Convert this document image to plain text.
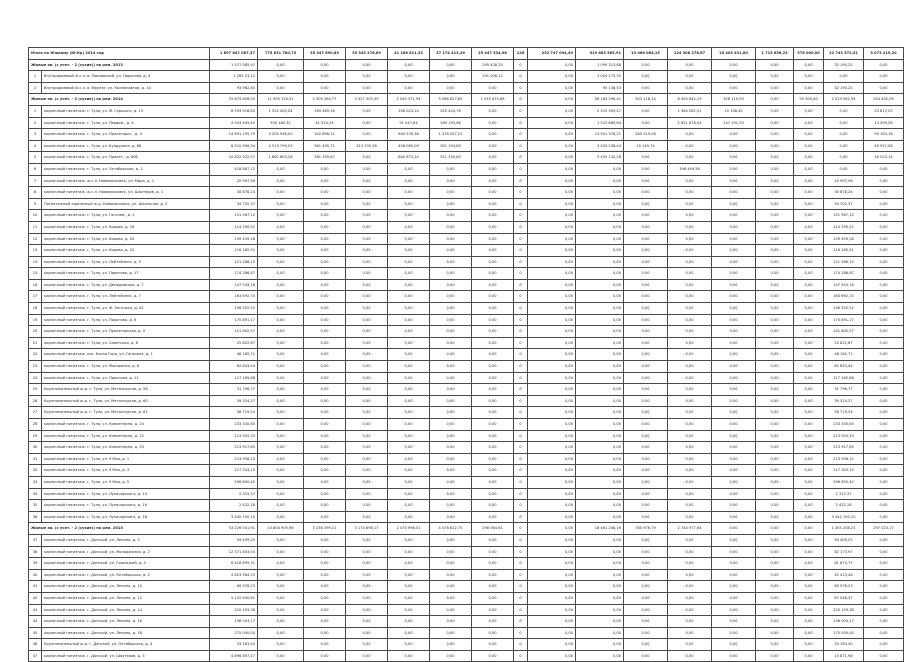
Итого по Южному (Ю-Кр) 2014 год		1 897 647 087,57	775 831 780,75	35 347 690,83	35 343 276,89	41 188 811,33	37 174 413,26	25 447 534,98	126	232 747 094,49	519 863 565,91	13 066 064,15	124 308 276,67	15 403 431,80	1 713 656,22	376 000,00	22 743 572,51	5 073 219,20
Жилые кв. (с учет. - 2 (сухие)) на рем. 2013		1 577 085,97	0,00	0,00	0,00	0,00	0,00	295 428,35	0	0,00	1 099 313,88	0,00	0,00	0,00	0,00	0,00	32 190,25	0,00
1	Внутридомовой ж.с.л. в. Павловский, ул. Пирогова, д. 4	1 283 23,12	0,00	0,00	0,00	0,00	0,00	291 006,12	0	0,00	1 004 175,35	0,00	0,00	0,00	0,00	0,00	0,00	0,00
2	Внутридомовой ж.с.л. в. Фрунзе, ул. Космонавтов, д. 14	93 962,85	0,00	0,00	0,00	0,00	0,00	0,00	0	0,00	95 138,53	0,00	0,00	0,00	0,00	0,00	32 190,25	0,00
Жилые кв. (с учет. - 2 (сухие)) на рем. 2014		25 874 808,00	11 095 120,51	2 509 364,77	3 327 305,39	2 540 371,94	5 566 827,85	1 053 475,88	0	0,00	26 183 296,41	303 118,14	8 450 642,19	328 110,93	0,00	95 300,00	2 419 582,54	204 432,05
1	кирпичный пятиэтаж. г. Тула, ул. М. Горького, д. 15	6 593 918,83	1 524 400,24	189 489,16	0,00	258 023,24	520 424,76	0,00	0	0,00	2 510 309,47	0,00	1 364 281,51	10 138,42	0,00	0,00	0,00	23 817,25
2	кирпичный пятиэтаж. г. Тула, ул. Первом., д. 4	4 943 409,45	935 180,32	41 324,24	0,00	91 047,84	289 193,66	0,00	0	0,00	1 522 869,64	0,00	2 621 878,04	147 191,53	0,00	0,00	0,00	13 399,28
3	кирпичный пятиэтаж. г. Тула, ул. Пролетарск., д. 4	14 691 195,70	3 204 946,02	342 898,11	0,00	640 576,38	1 378 427,21	0,00	0	0,00	13 941 378,21	285 519,08	0,00	0,00	0,00	0,00	0,00	99 163,18
4	кирпичный пятиэтаж. г. Тула, ул. Бундурина, д. 86	6 510 906,94	4 513 799,03	561 490,71	313 705,58	456 085,09	301 194,89	0,00	0	0,00	3 433 138,44	15 149,74	0,00	0,00	0,00	0,00	0,00	49 957,08
5	кирпичный пятиэтаж. г. Тула, ул. Пролет., д. 80б	10 822 922,57	1 862 803,28	261 339,67	0,00	840 873,24	511 150,80	0,00	0	0,00	5 455 132,28	0,00	0,00	0,00	0,00	0,00	0,00	16 023,14
6	кирпичный пятиэтаж. г. Тула, ул. Октябрьская, д. 1	418 887,12	0,00	0,00	0,00	0,00	0,00	0,00	0	0,00	0,00	0,00	398 449,58	0,00	0,00	0,00	0,00	0,00
7	кирпичный пятиэтаж. ж.с.л. Новомосковск, ул. Мира, д. 1	20 997,56	0,00	0,00	0,00	0,00	0,00	0,00	0	0,00	0,00	0,00	0,00	0,00	0,00	0,00	20 997,56	0,00
8	кирпичный пятиэтаж. ж.с.л. Новомосковск, ул. Шахтеров, д. 1	30 878,24	0,00	0,00	0,00	0,00	0,00	0,00	0	0,00	0,00	0,00	0,00	0,00	0,00	0,00	30 878,24	0,00
9	Пятиэтажный кирпичный ж.д. Новомосковск, ул. Школьная, д. 2	34 702,37	0,00	0,00	0,00	0,00	0,00	0,00	0	0,00	0,00	0,00	0,00	0,00	0,00	0,00	34 702,37	0,00
10	кирпичный пятиэтаж. г. Тула, ул. Гоголев., д. 1	151 567,12	0,00	0,00	0,00	0,00	0,00	0,00	0	0,00	0,00	0,00	0,00	0,00	0,00	0,00	151 567,12	0,00
11	кирпичный пятиэтаж. г. Тула, ул. Кирова, д. 18	114 290,52	0,00	0,00	0,00	0,00	0,00	0,00	0	0,00	0,00	0,00	0,00	0,00	0,00	0,00	114 290,52	0,00
12	кирпичный пятиэтаж. г. Тула, ул. Кирова, д. 20	139 459,28	0,00	0,00	0,00	0,00	0,00	0,00	0	0,00	0,00	0,00	0,00	0,00	0,00	0,00	139 459,28	0,00
13	кирпичный пятиэтаж. г. Тула, ул. Кирова, д. 22	116 162,91	0,00	0,00	0,00	0,00	0,00	0,00	0	0,00	0,00	0,00	0,00	0,00	0,00	0,00	116 162,91	0,00
14	кирпичный пятиэтаж. г. Тула, ул. Лейтейзена, д. 5	121 588,15	0,00	0,00	0,00	0,00	0,00	0,00	0	0,00	0,00	0,00	0,00	0,00	0,00	0,00	121 588,15	0,00
15	кирпичный пятиэтаж. г. Тула, ул. Пирогова, д. 17	174 286,87	0,00	0,00	0,00	0,00	0,00	0,00	0	0,00	0,00	0,00	0,00	0,00	0,00	0,00	174 286,87	0,00
16	кирпичный пятиэтаж. г. Тула, ул. Демидовская, д. 7	147 543,18	0,00	0,00	0,00	0,00	0,00	0,00	0	0,00	0,00	0,00	0,00	0,00	0,00	0,00	147 543,18	0,00
17	кирпичный пятиэтаж. г. Тула, ул. Лейтейзена, д. 7	163 692,70	0,00	0,00	0,00	0,00	0,00	0,00	0	0,00	0,00	0,00	0,00	0,00	0,00	0,00	163 692,70	0,00
18	кирпичный пятиэтаж. г. Тула, ул. Ф. Энгельса, д. 42	106 552,52	0,00	0,00	0,00	0,00	0,00	0,00	0	0,00	0,00	0,00	0,00	0,00	0,00	0,00	106 552,52	0,00
19	кирпичный пятиэтаж. г. Тула, ул. Пирогова, д. 6	170 891,17	0,00	0,00	0,00	0,00	0,00	0,00	0	0,00	0,00	0,00	0,00	0,00	0,00	0,00	170 891,17	0,00
20	кирпичный пятиэтаж. г. Тула, ул. Пролетарская, д. 9	101 602,57	0,00	0,00	0,00	0,00	0,00	0,00	0	0,00	0,00	0,00	0,00	0,00	0,00	0,00	101 602,57	0,00
21	кирпичный пятиэтаж. г. Тула, ул. Советская, д. 6	25 822,67	0,00	0,00	0,00	0,00	0,00	0,00	0	0,00	0,00	0,00	0,00	0,00	0,00	0,00	25 822,67	0,00
22	кирпичный пятиэтаж. пос. Косая Гора, ул. Гагарина, д. 1	48 162,71	0,00	0,00	0,00	0,00	0,00	0,00	0	0,00	0,00	0,00	0,00	0,00	0,00	0,00	48 162,71	0,00
23	кирпичный пятиэтаж. г. Тула, ул. Макаренко, д. 6	62 843,44	0,00	0,00	0,00	0,00	0,00	0,00	0	0,00	0,00	0,00	0,00	0,00	0,00	0,00	62 843,44	0,00
24	кирпичный пятиэтаж. г. Тула, ул. Пирогова, д. 11	117 165,68	0,00	0,00	0,00	0,00	0,00	0,00	0	0,00	0,00	0,00	0,00	0,00	0,00	0,00	117 165,68	0,00
25	Крупнопанельный ж.д. г. Тула, ул. Металлургов, д. 58	31 796,77	0,00	0,00	0,00	0,00	0,00	0,00	0	0,00	0,00	0,00	0,00	0,00	0,00	0,00	31 796,77	0,00
26	Крупнопанельный ж.д. г. Тула, ул. Металлургов, д. 60	39 324,27	0,00	0,00	0,00	0,00	0,00	0,00	0	0,00	0,00	0,00	0,00	0,00	0,00	0,00	39 324,27	0,00
27	Крупнопанельный ж.д. г. Тула, ул. Металлургов, д. 62	58 719,24	0,00	0,00	0,00	0,00	0,00	0,00	0	0,00	0,00	0,00	0,00	0,00	0,00	0,00	58 719,24	0,00
28	кирпичный пятиэтаж. г. Тула, ул. Коминтерна, д. 24	233 330,65	0,00	0,00	0,00	0,00	0,00	0,00	0	0,00	0,00	0,00	0,00	0,00	0,00	0,00	233 330,65	0,00
29	кирпичный пятиэтаж. г. Тула, ул. Коминтерна, д. 22	213 925,33	0,00	0,00	0,00	0,00	0,00	0,00	0	0,00	0,00	0,00	0,00	0,00	0,00	0,00	213 925,33	0,00
30	кирпичный пятиэтаж. г. Тула, ул. Коминтерна, д. 20	213 917,65	0,00	0,00	0,00	0,00	0,00	0,00	0	0,00	0,00	0,00	0,00	0,00	0,00	0,00	213 917,65	0,00
31	кирпичный пятиэтаж. г. Тула, ул. 9 Мая, д. 1	213 958,12	0,00	0,00	0,00	0,00	0,00	0,00	0	0,00	0,00	0,00	0,00	0,00	0,00	0,00	213 958,12	0,00
32	кирпичный пятиэтаж. г. Тула, ул. 9 Мая, д. 3	217 343,15	0,00	0,00	0,00	0,00	0,00	0,00	0	0,00	0,00	0,00	0,00	0,00	0,00	0,00	217 343,15	0,00
33	кирпичный пятиэтаж. г. Тула, ул. 9 Мая, д. 5	296 850,42	0,00	0,00	0,00	0,00	0,00	0,00	0	0,00	0,00	0,00	0,00	0,00	0,00	0,00	296 850,42	0,00
34	кирпичный пятиэтаж. г. Тула, ул. Луначарского, д. 14	2 315,37	0,00	0,00	0,00	0,00	0,00	0,00	0	0,00	0,00	0,00	0,00	0,00	0,00	0,00	2 315,37	0,00
35	кирпичный пятиэтаж. г. Тула, ул. Луначарского, д. 16	2 432,18	0,00	0,00	0,00	0,00	0,00	0,00	0	0,00	0,00	0,00	0,00	0,00	0,00	0,00	2 432,18	0,00
36	кирпичный пятиэтаж. г. Тула, ул. Луначарского, д. 18	3 442 150,10	0,00	0,00	0,00	0,00	0,00	0,00	0	0,00	0,00	0,00	0,00	0,00	0,00	0,00	3 442 150,10	0,00
Жилые кв. (с учет. - 2 (сухие)) на рем. 2015		53 226 041,91	10 804 905,96	3 156 399,21	3 174 698,17	2 470 998,51	4 478 612,75	298 064,61	0	0,00	18 461 208,16	780 976,79	2 744 977,64	0,00	0,00	0,00	1 355 208,21	297 023,17
37	кирпичный пятиэтаж. г. Донской, ул. Ленина, д. 3	94 409,25	0,00	0,00	0,00	0,00	0,00	0,00	0	0,00	0,00	0,00	0,00	0,00	0,00	0,00	94 409,25	0,00
38	кирпичный пятиэтаж. г. Донской, ул. Молодежная, д. 2	12 371 803,04	0,00	0,00	0,00	0,00	0,00	0,00	0	0,00	0,00	0,00	0,00	0,00	0,00	0,00	82 173,97	0,00
39	кирпичный пятиэтаж. г. Донской, ул. Горняцкий, д. 2	6 418 899,31	0,00	0,00	0,00	0,00	0,00	0,00	0	0,00	0,00	0,00	0,00	0,00	0,00	0,00	81 874,77	0,00
40	кирпичный пятиэтаж. г. Донской, ул. Октябрьская, д. 2	4 823 564,25	0,00	0,00	0,00	0,00	0,00	0,00	0	0,00	0,00	0,00	0,00	0,00	0,00	0,00	42 413,48	0,00
41	кирпичный пятиэтаж. г. Донской, ул. Ленина, д. 10	60 978,23	0,00	0,00	0,00	0,00	0,00	0,00	0	0,00	0,00	0,00	0,00	0,00	0,00	0,00	60 978,23	0,00
42	кирпичный пятиэтаж. г. Донской, ул. Ленина, д. 12	5 152 450,61	0,00	0,00	0,00	0,00	0,00	0,00	0	0,00	0,00	0,00	0,00	0,00	0,00	0,00	87 048,37	0,00
43	кирпичный пятиэтаж. г. Донской, ул. Ленина, д. 14	220 193,38	0,00	0,00	0,00	0,00	0,00	0,00	0	0,00	0,00	0,00	0,00	0,00	0,00	0,00	220 193,38	0,00
44	кирпичный пятиэтаж. г. Донской, ул. Ленина, д. 16	136 003,17	0,00	0,00	0,00	0,00	0,00	0,00	0	0,00	0,00	0,00	0,00	0,00	0,00	0,00	136 003,17	0,00
45	кирпичный пятиэтаж. г. Донской, ул. Ленина, д. 18	275 000,00	0,00	0,00	0,00	0,00	0,00	0,00	0	0,00	0,00	0,00	0,00	0,00	0,00	0,00	275 000,00	0,00
46	Крупнопанельный ж.д. г. Донской, ул. Октябрьская, д. 4	33 163,40	0,00	0,00	0,00	0,00	0,00	0,00	0	0,00	0,00	0,00	0,00	0,00	0,00	0,00	33 163,40	0,00
47	кирпичный пятиэтаж. г. Донской, ул. Шахтеров, д. 5	4 896 897,47	0,00	0,00	0,00	0,00	0,00	0,00	0	0,00	0,00	0,00	0,00	0,00	0,00	0,00	15 871,98	0,00
